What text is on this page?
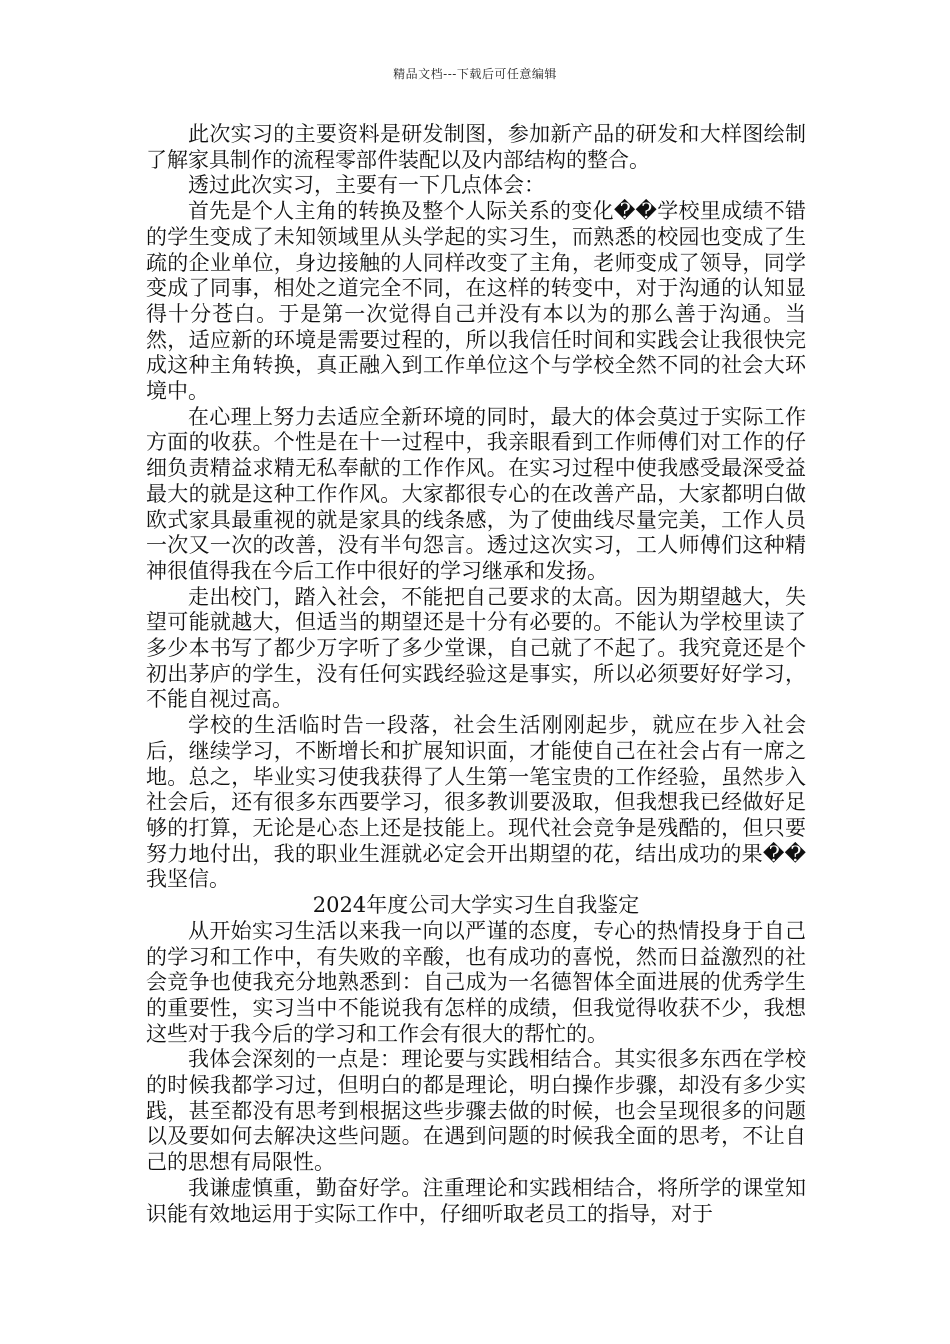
精品文档---下载后可任意编辑

此次实习的主要资料是研发制图，参加新产品的研发和大样图绘制了解家具制作的流程零部件装配以及内部结构的整合。

透过此次实习，主要有一下几点体会：

首先是个人主角的转换及整个人际关系的变化��学校里成绩不错的学生变成了未知领域里从头学起的实习生，而熟悉的校园也变成了生疏的企业单位，身边接触的人同样改变了主角，老师变成了领导，同学变成了同事，相处之道完全不同，在这样的转变中，对于沟通的认知显得十分苍白。于是第一次觉得自己并没有本以为的那么善于沟通。当然，适应新的环境是需要过程的，所以我信任时间和实践会让我很快完成这种主角转换，真正融入到工作单位这个与学校全然不同的社会大环境中。

在心理上努力去适应全新环境的同时，最大的体会莫过于实际工作方面的收获。个性是在十一过程中，我亲眼看到工作师傅们对工作的仔细负责精益求精无私奉献的工作作风。在实习过程中使我感受最深受益最大的就是这种工作作风。大家都很专心的在改善产品，大家都明白做欧式家具最重视的就是家具的线条感，为了使曲线尽量完美，工作人员一次又一次的改善，没有半句怨言。透过这次实习，工人师傅们这种精神很值得我在今后工作中很好的学习继承和发扬。

走出校门，踏入社会，不能把自己要求的太高。因为期望越大，失望可能就越大，但适当的期望还是十分有必要的。不能认为学校里读了多少本书写了都少万字听了多少堂课，自己就了不起了。我究竟还是个初出茅庐的学生，没有任何实践经验这是事实，所以必须要好好学习，不能自视过高。

学校的生活临时告一段落，社会生活刚刚起步，就应在步入社会后，继续学习，不断增长和扩展知识面，才能使自己在社会占有一席之地。总之，毕业实习使我获得了人生第一笔宝贵的工作经验，虽然步入社会后，还有很多东西要学习，很多教训要汲取，但我想我已经做好足够的打算，无论是心态上还是技能上。现代社会竞争是残酷的，但只要努力地付出，我的职业生涯就必定会开出期望的花，结出成功的果��我坚信。

2024年度公司大学实习生自我鉴定

从开始实习生活以来我一向以严谨的态度，专心的热情投身于自己的学习和工作中，有失败的辛酸，也有成功的喜悦，然而日益激烈的社会竞争也使我充分地熟悉到：自己成为一名德智体全面进展的优秀学生的重要性，实习当中不能说我有怎样的成绩，但我觉得收获不少，我想这些对于我今后的学习和工作会有很大的帮忙的。

我体会深刻的一点是：理论要与实践相结合。其实很多东西在学校的时候我都学习过，但明白的都是理论，明白操作步骤，却没有多少实践，甚至都没有思考到根据这些步骤去做的时候，也会呈现很多的问题以及要如何去解决这些问题。在遇到问题的时候我全面的思考，不让自己的思想有局限性。

我谦虚慎重，勤奋好学。注重理论和实践相结合，将所学的课堂知识能有效地运用于实际工作中，仔细听取老员工的指导，对于
